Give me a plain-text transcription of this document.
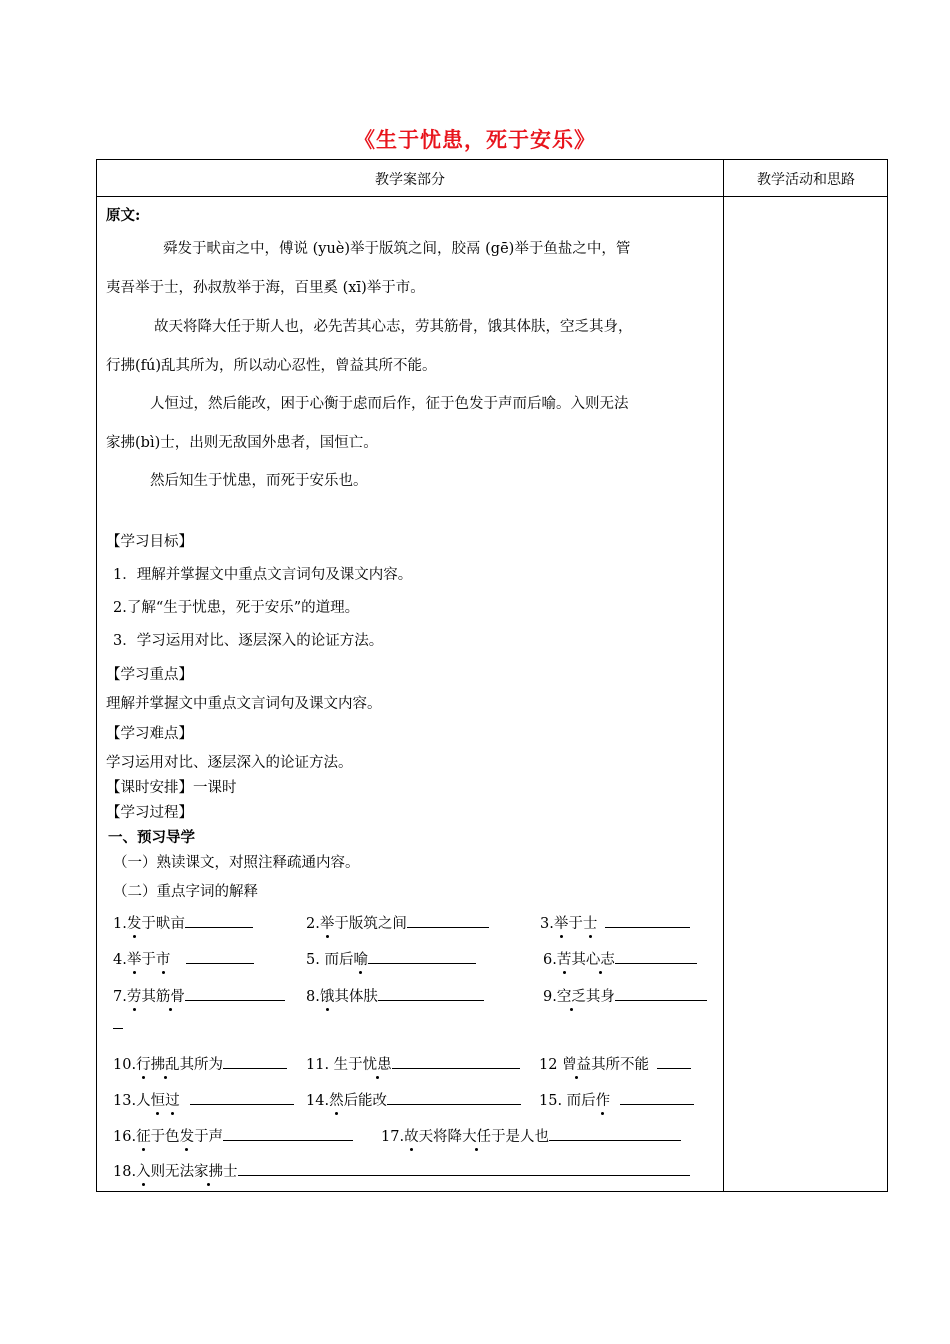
《生于忧患，死于安乐》
教学案部分	教学活动和思路
原文:
舜发于畎亩之中，傅说 (yuè)举于版筑之间，胶鬲 (gē)举于鱼盐之中，管
夷吾举于士，孙叔敖举于海，百里奚 (xī)举于市。
故天将降大任于斯人也，必先苦其心志，劳其筋骨，饿其体肤，空乏其身，
行拂(fú)乱其所为，所以动心忍性，曾益其所不能。
人恒过，然后能改，困于心衡于虑而后作，征于色发于声而后喻。入则无法
家拂(bì)士，出则无敌国外患者，国恒亡。
然后知生于忧患，而死于安乐也。
【学习目标】
1．理解并掌握文中重点文言词句及课文内容。
2.了解“生于忧患，死于安乐”的道理。
3．学习运用对比、逐层深入的论证方法。
【学习重点】
理解并掌握文中重点文言词句及课文内容。
【学习难点】
学习运用对比、逐层深入的论证方法。
【课时安排】一课时
【学习过程】
一、预习导学
（一）熟读课文，对照注释疏通内容。
（二）重点字词的解释
1.发于畎亩	2.举于版筑之间	3.举于士
4.举于市	5. 而后喻	6.苦其心志
7.劳其筋骨	8.饿其体肤	9.空乏其身
10.行拂乱其所为	11. 生于忧患	12 曾益其所不能
13.人恒过	14.然后能改	15. 而后作
16.征于色发于声	17.故天将降大任于是人也
18.入则无法家拂士
